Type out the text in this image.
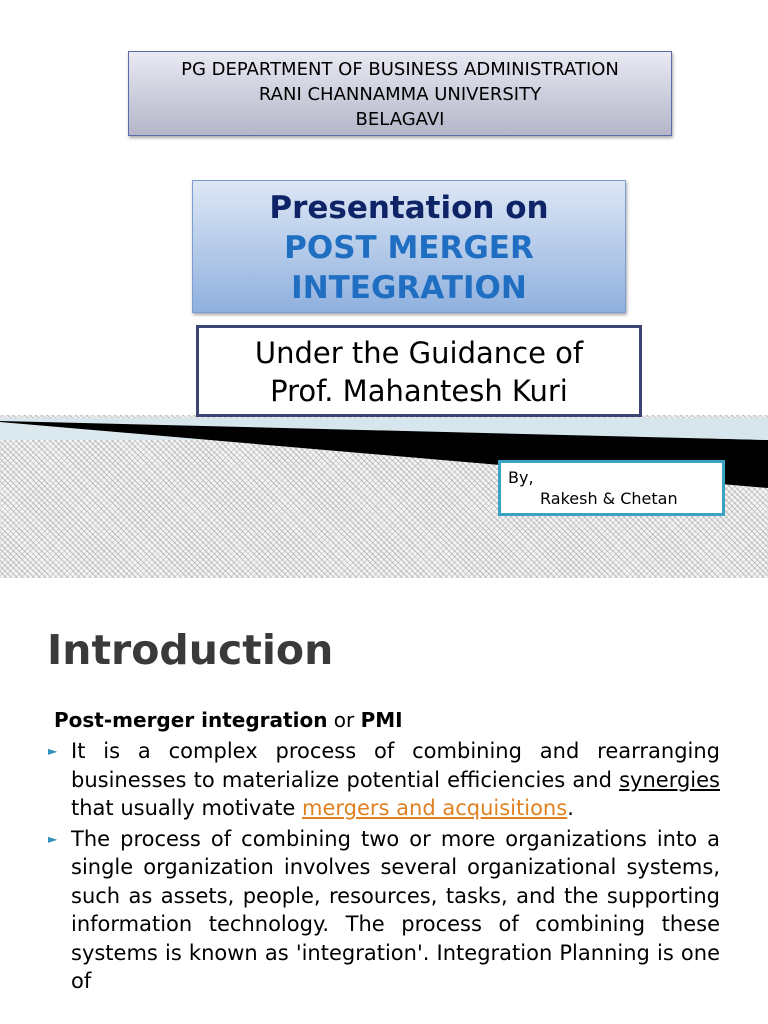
PG DEPARTMENT OF BUSINESS ADMINISTRATION
RANI CHANNAMMA UNIVERSITY
BELAGAVI
Presentation on
POST MERGER
INTEGRATION
Under the Guidance of
Prof. Mahantesh Kuri
By,
Rakesh & Chetan
Introduction
Post-merger integration or PMI
► It is a complex process of combining and rearranging businesses to materialize potential efficiencies and synergies that usually motivate mergers and acquisitions.
► The process of combining two or more organizations into a single organization involves several organizational systems, such as assets, people, resources, tasks, and the supporting information technology. The process of combining these systems is known as 'integration'. Integration Planning is one of
